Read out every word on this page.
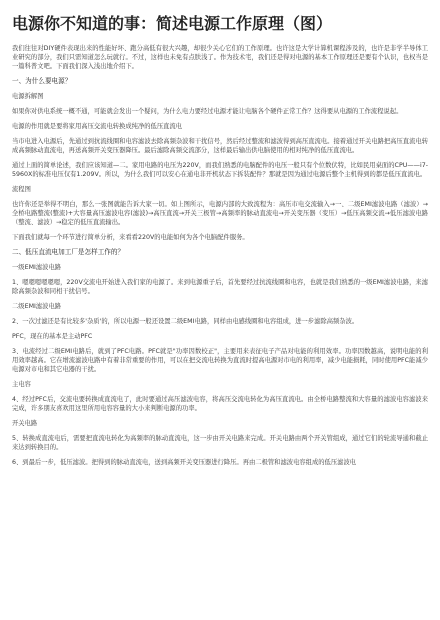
电源你不知道的事：简述电源工作原理（图）

我们往往对DIY硬件表现出来的性能好坏、跑分高低有很大兴趣，却很少关心它们的工作原理。也许这是大学计算机课程涉及的，也许是非学半导体工业研究的部分，我们只需知道怎么玩就行。不过，这样也未免有点肤浅了。作为技术宅，我们还是得对电源的基本工作原理还是要有个认识，也权当是一篇科普文吧。下面我们深入浅出地介绍下。

一、为什么要电源？

电源拆解图

如果你对供电系统一概不通，可能就会发出一个疑问，为什么电力要经过电源才能让电脑各个硬件正常工作？这得要从电源的工作流程说起。

电源的作用就是要将家用高压交流电转换成纯净的低压直流电

当市电进入电源后，先通过到抗流线圈和电容滤波去除高频杂波和干扰信号，然后经过整流和滤波得到高压直流电。接着通过开关电路把高压直流电转成高频脉动直流电，再送高频开关变压器降压。最后滤除高频交流部分，这样最后输出供电脑使用的相对纯净的低压直流电。

通过上面的简单论述，我们应该知道—二。家用电路的电压为220V，而我们熟悉的电脑配件的电压一般只有个位数伏特，比如民用桌面的CPU——i7-5960X的标准电压仅有1.209V。所以，为什么我们可以安心在通电非开机状态下拆装配件？那就是因为通过电源后整个主机得到的都是低压直流电。

流程图

也许你还是举得不明白，那么一张图就能告诉大家一切。如上图所示，电源内部的大致流程为：高压市电交流输入→一、二级EMI滤波电路（滤波）→全桥电路整流(整流)+大容量高压滤波电容(滤波)→高压直流→开关三极管→高频率的脉动直流电→开关变压器（变压）→低压高频交流→低压滤波电路（整流、滤波）→稳定的低压直流输出。

下面我们就每一个环节进行简单分析，来看看220V的电能如何为各个电脑配件服务。

二、低压直流电加工厂是怎样工作的？

一级EMI滤波电路

1、嗯嗯嗯嗯嗯嗯，220V交流电开始进入我们家的电源了。来到电源重子后，首先要经过抗流线圈和电容，也就是我们熟悉的一级EMI滤波电路，来滤除高频杂波和同相干扰信号。

二级EMI滤波电路

2、一次过滤还是有比较多'杂质'的，所以电源一般还设置二级EMI电路，同样由电感线圈和电容组成，进一步滤除高频杂波。

PFC，现在的基本是主动PFC

3、电流经过二级EMI电路后，就到了PFC电路。PFC就是"功率因数校正"，主要用来表征电子产品对电能的利用效率。功率因数越高，说明电能的利用效率越高。它在增流滤波电路中有着非常重要的作用，可以在把交流电转换为直流时提高电源对市电的利用率，减少电能损耗，同时使用PFC能减少电源对市电和其它电器的干扰。

主电容

4、经过PFC后，交流电要转换成直流电了，此时要通过高压滤波电容，将高压交流电转化为高压直流电。由全桥电路整流和大容量的滤波电容滤波来完成，许多朋友喜欢用这里所用电容容量的大小来判断电源的功率。

开关电路

5、转换成直流电后，需要把直流电转化为高频率的脉动直流电，这一步由开关电路来完成。开关电路由两个开关管组成，通过它们的轮流导通和截止来达到转换目的。

6、到最后一步，低压滤波。把得到的脉动直流电，送到高频开关变压器进行降压。再由二极管和滤波电容组成的低压滤波电
